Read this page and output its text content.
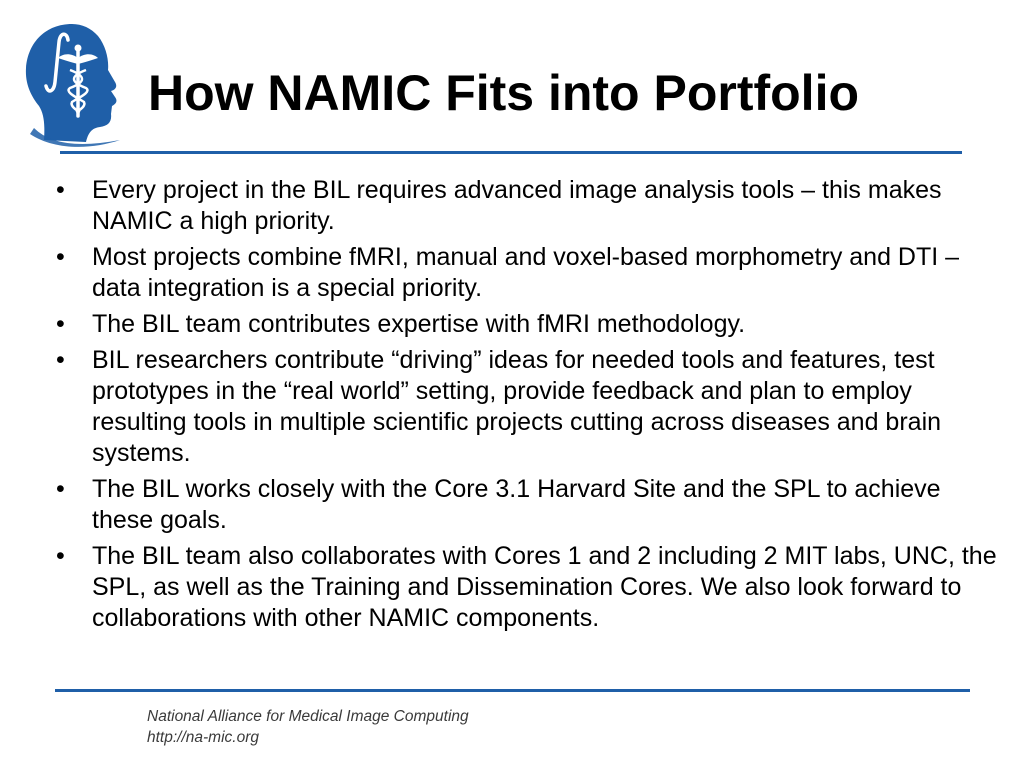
How NAMIC Fits into Portfolio
• Every project in the BIL requires advanced image analysis tools – this makes NAMIC a high priority.
• Most projects combine fMRI, manual and voxel-based morphometry and DTI – data integration is a special priority.
• The BIL team contributes expertise with fMRI methodology.
• BIL researchers contribute “driving” ideas for needed tools and features, test prototypes in the “real world” setting, provide feedback and plan to employ resulting tools in multiple scientific projects cutting across diseases and brain systems.
• The BIL works closely with the Core 3.1 Harvard Site and the SPL to achieve these goals.
• The BIL team also collaborates with Cores 1 and 2 including 2 MIT labs, UNC, the SPL, as well as the Training and Dissemination Cores. We also look forward to collaborations with other NAMIC components.
National Alliance for Medical Image Computing
http://na-mic.org
